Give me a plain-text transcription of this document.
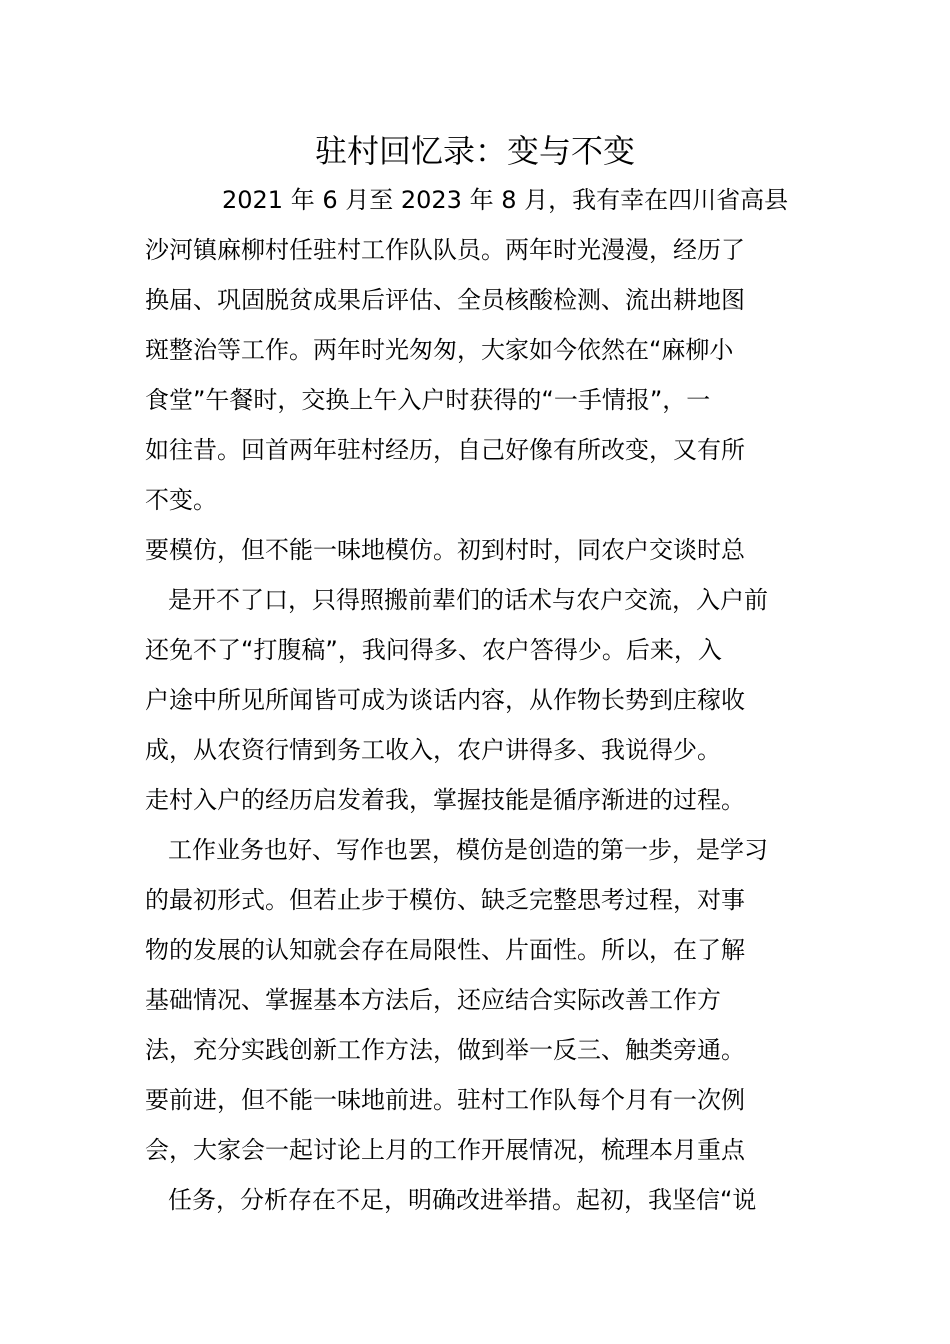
驻村回忆录：变与不变
2021 年 6 月至 2023 年 8 月，我有幸在四川省高县
沙河镇麻柳村任驻村工作队队员。两年时光漫漫，经历了
换届、巩固脱贫成果后评估、全员核酸检测、流出耕地图
斑整治等工作。两年时光匆匆，大家如今依然在“麻柳小
食堂”午餐时，交换上午入户时获得的“一手情报”，一
如往昔。回首两年驻村经历，自己好像有所改变，又有所
不变。
要模仿，但不能一味地模仿。初到村时，同农户交谈时总
是开不了口，只得照搬前辈们的话术与农户交流，入户前
还免不了“打腹稿”，我问得多、农户答得少。后来，入
户途中所见所闻皆可成为谈话内容，从作物长势到庄稼收
成，从农资行情到务工收入，农户讲得多、我说得少。
走村入户的经历启发着我，掌握技能是循序渐进的过程。
工作业务也好、写作也罢，模仿是创造的第一步，是学习
的最初形式。但若止步于模仿、缺乏完整思考过程，对事
物的发展的认知就会存在局限性、片面性。所以，在了解
基础情况、掌握基本方法后，还应结合实际改善工作方
法，充分实践创新工作方法，做到举一反三、触类旁通。
要前进，但不能一味地前进。驻村工作队每个月有一次例
会，大家会一起讨论上月的工作开展情况，梳理本月重点
任务，分析存在不足，明确改进举措。起初，我坚信“说
